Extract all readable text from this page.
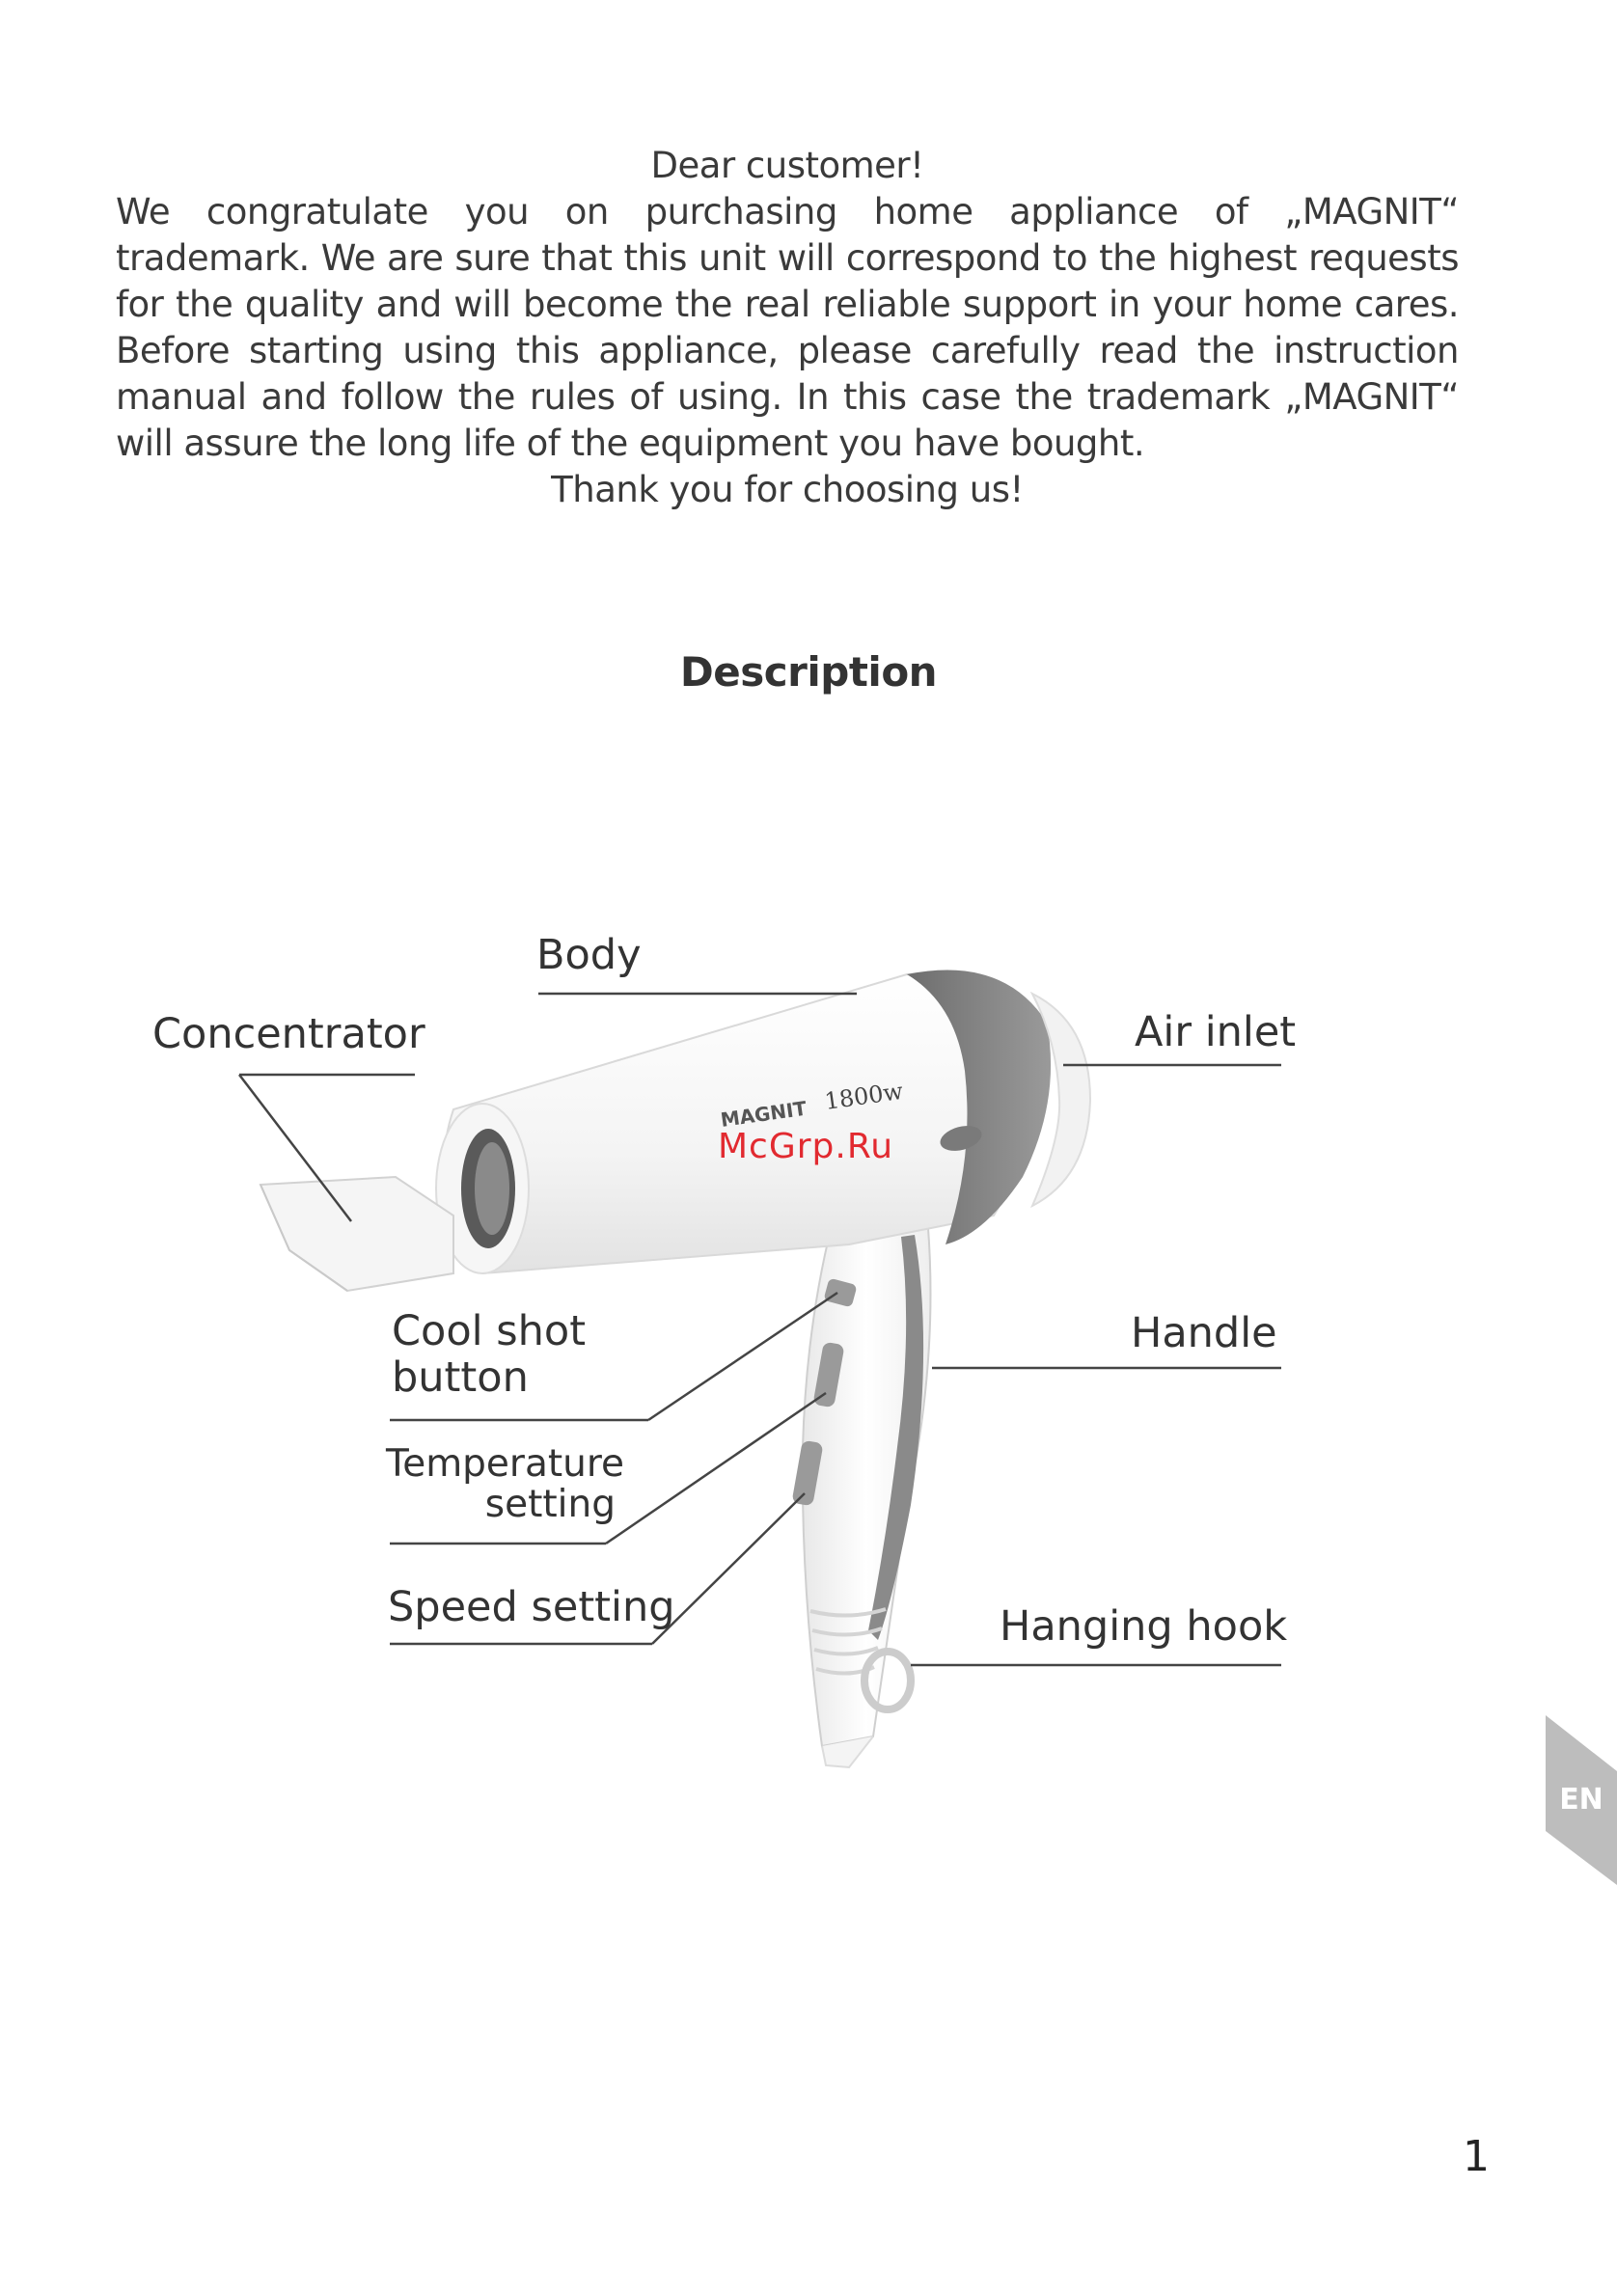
Dear customer!
We congratulate you on purchasing home appliance of „MAGNIT“ trademark. We are sure that this unit will correspond to the highest requests for the quality and will become the real reliable support in your home cares. Before starting using this appliance, please carefully read the instruction manual and follow the rules of using. In this case the trademark „MAGNIT“ will assure the long life of the equipment you have bought.
Thank you for choosing us!
Description
MAGNIT 1800w
Body
Concentrator	Air inlet
Cool shot
button
Handle
Temperature
setting
Speed setting	Hanging hook
McGrp.Ru
EN
1
